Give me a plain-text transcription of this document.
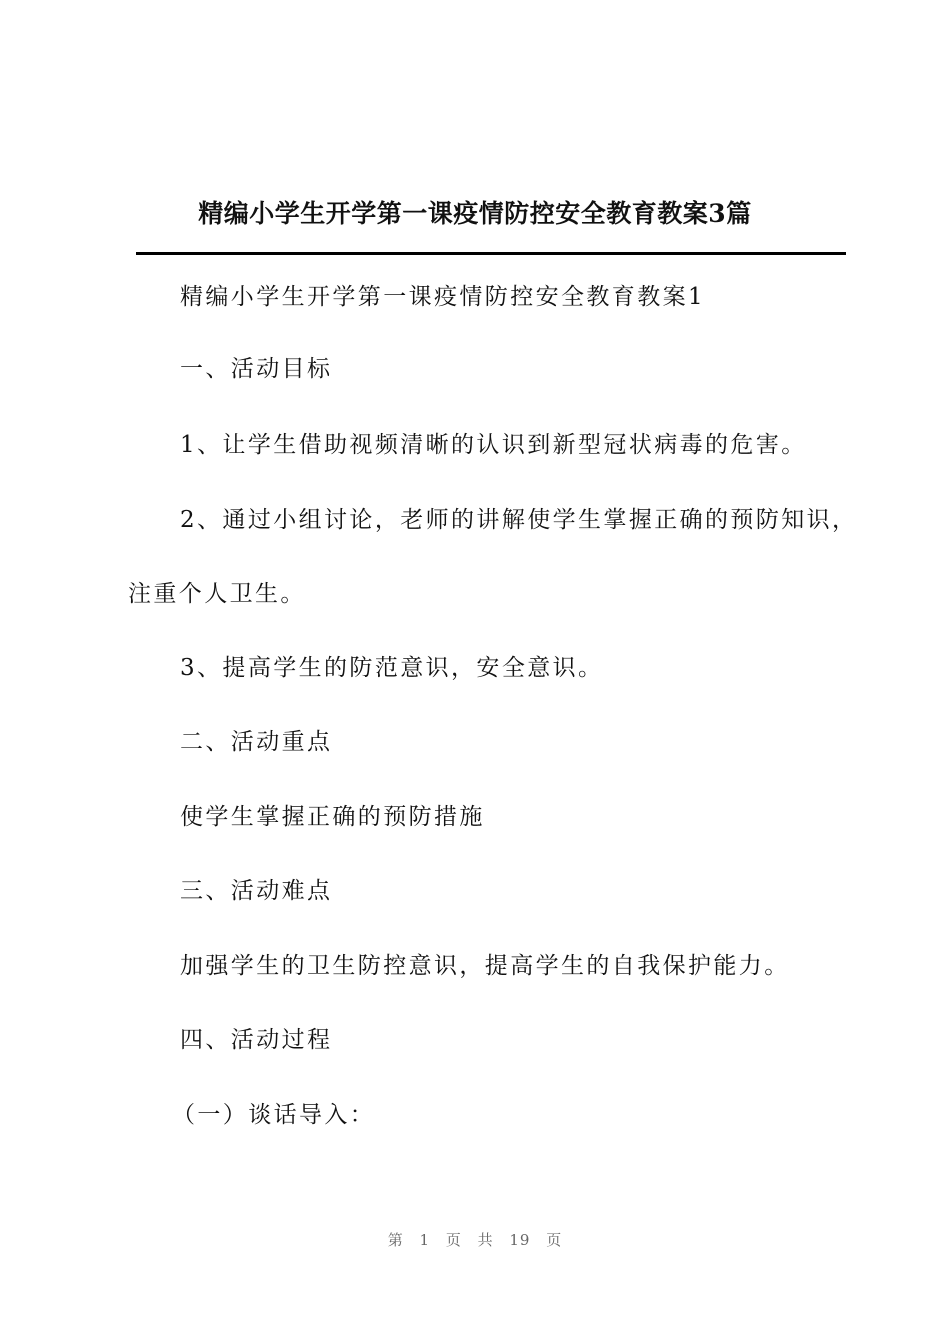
精编小学生开学第一课疫情防控安全教育教案3篇
精编小学生开学第一课疫情防控安全教育教案1
一、活动目标
1、让学生借助视频清晰的认识到新型冠状病毒的危害。
2、通过小组讨论，老师的讲解使学生掌握正确的预防知识，
注重个人卫生。
3、提高学生的防范意识，安全意识。
二、活动重点
使学生掌握正确的预防措施
三、活动难点
加强学生的卫生防控意识，提高学生的自我保护能力。
四、活动过程
（一）谈话导入：
第 1 页 共 19 页
